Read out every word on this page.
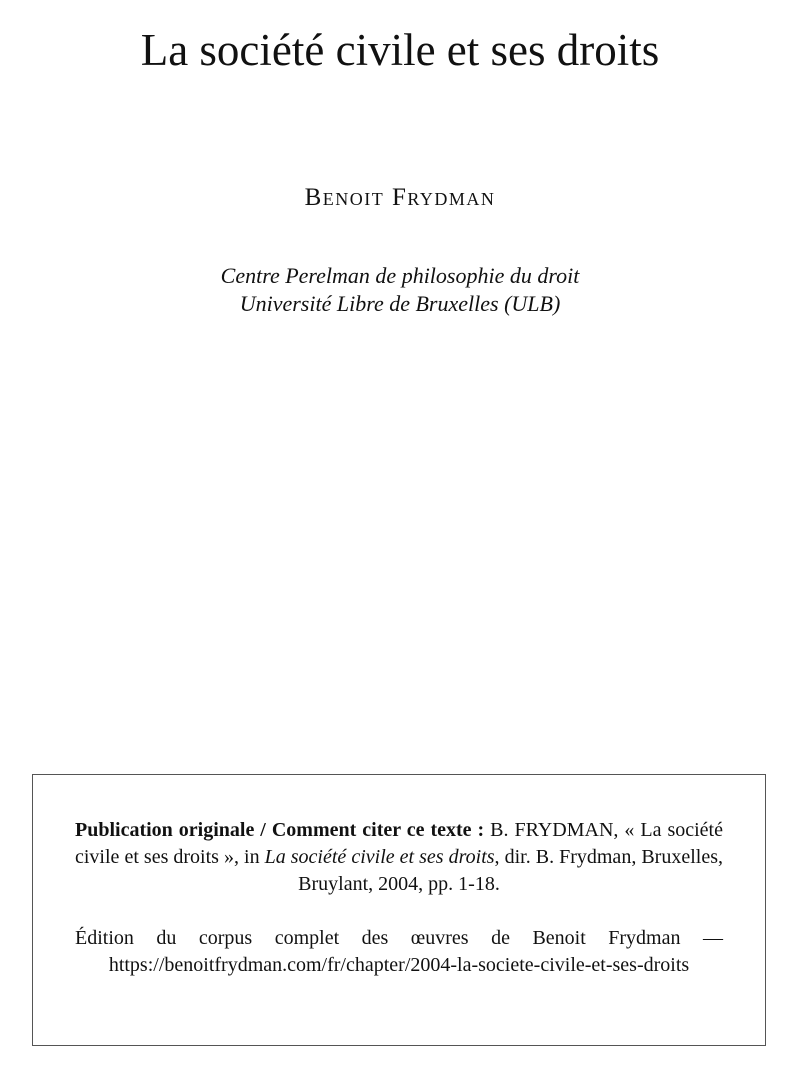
La société civile et ses droits
Benoit Frydman
Centre Perelman de philosophie du droit
Université Libre de Bruxelles (ULB)

Publication originale / Comment citer ce texte : B. FRYDMAN, « La société civile et ses droits », in La société civile et ses droits, dir. B. Frydman, Bruxelles, Bruylant, 2004, pp. 1-18.

Édition du corpus complet des œuvres de Benoit Frydman — https://benoitfrydman.com/fr/chapter/2004-la-societe-civile-et-ses-droits
